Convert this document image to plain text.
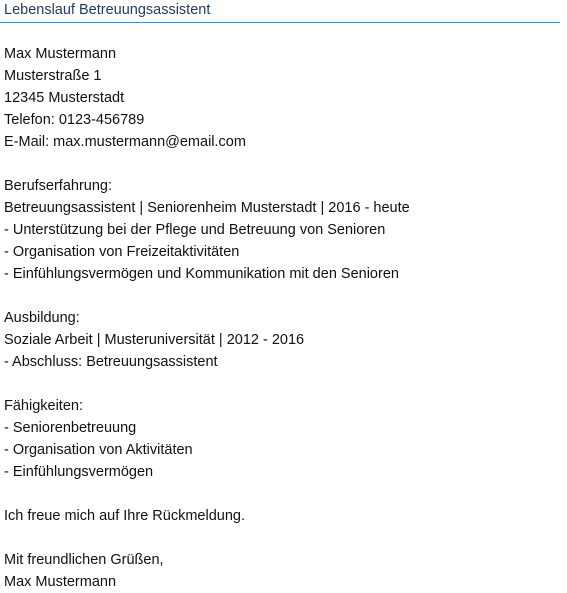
Lebenslauf Betreuungsassistent
Max Mustermann
Musterstraße 1
12345 Musterstadt
Telefon: 0123-456789
E-Mail: max.mustermann@email.com
Berufserfahrung:
Betreuungsassistent | Seniorenheim Musterstadt | 2016 - heute
- Unterstützung bei der Pflege und Betreuung von Senioren
- Organisation von Freizeitaktivitäten
- Einfühlungsvermögen und Kommunikation mit den Senioren
Ausbildung:
Soziale Arbeit | Musteruniversität | 2012 - 2016
- Abschluss: Betreuungsassistent
Fähigkeiten:
- Seniorenbetreuung
- Organisation von Aktivitäten
- Einfühlungsvermögen
Ich freue mich auf Ihre Rückmeldung.
Mit freundlichen Grüßen,
Max Mustermann
